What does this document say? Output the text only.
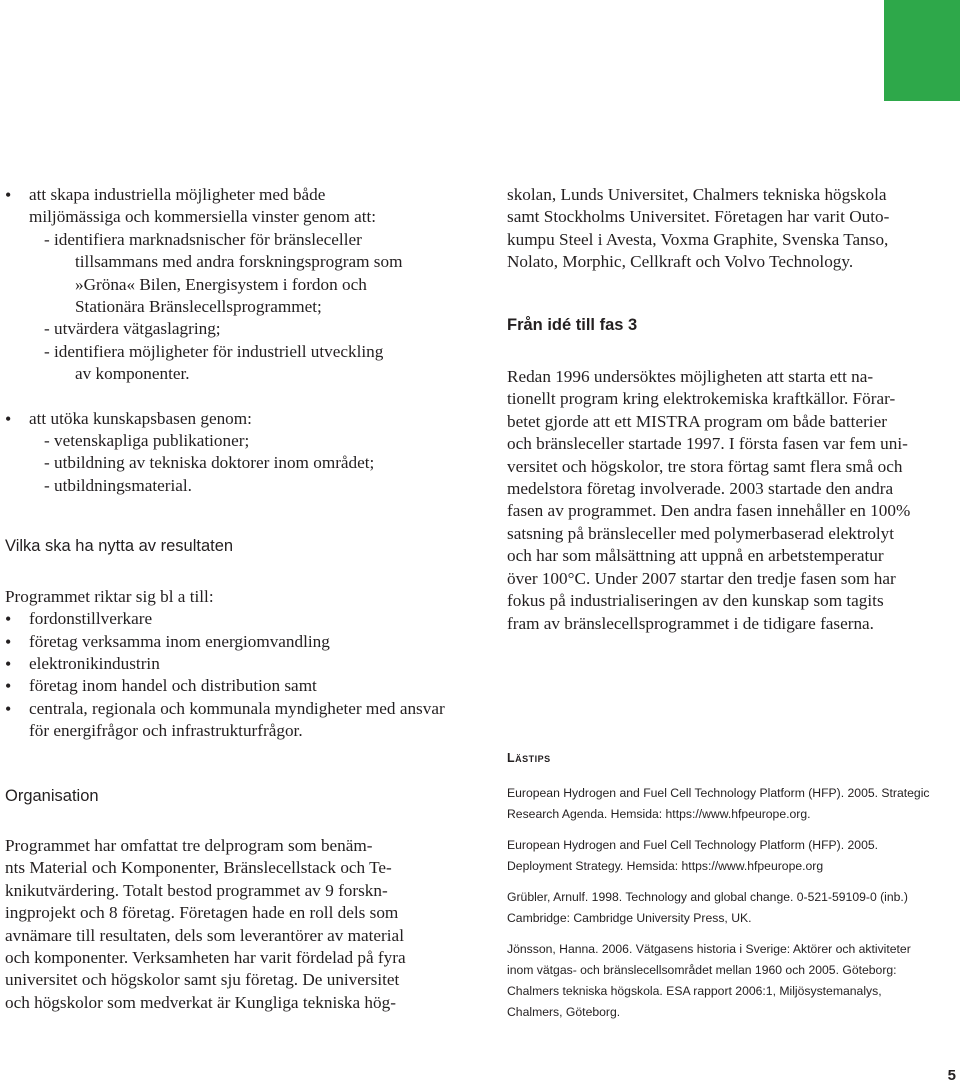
• att skapa industriella möjligheter med både

miljömässiga och kommersiella vinster genom att:

- identifiera marknadsnischer för bränsleceller

tillsammans med andra forskningsprogram som

»Gröna« Bilen, Energisystem i fordon och

Stationära Bränslecellsprogrammet;

- utvärdera vätgaslagring;

- identifiera möjligheter för industriell utveckling

av komponenter.

• att utöka kunskapsbasen genom:

- vetenskapliga publikationer;

- utbildning av tekniska doktorer inom området;

- utbildningsmaterial.

Vilka ska ha nytta av resultaten

Programmet riktar sig bl a till:

• fordonstillverkare
• företag verksamma inom energiomvandling
• elektronikindustrin
• företag inom handel och distribution samt
• centrala, regionala och kommunala myndigheter med ansvar för energifrågor och infrastrukturfrågor.

Organisation

Programmet har omfattat tre delprogram som benäm-

nts Material och Komponenter, Bränslecellstack och Te-

knikutvärdering. Totalt bestod programmet av 9 forskn-

ingprojekt och 8 företag. Företagen hade en roll dels som

avnämare till resultaten, dels som leverantörer av material

och komponenter. Verksamheten har varit fördelad på fyra

universitet och högskolor samt sju företag. De universitet

och högskolor som medverkat är Kungliga tekniska hög-

skolan, Lunds Universitet, Chalmers tekniska högskola

samt Stockholms Universitet. Företagen har varit Outo-

kumpu Steel i Avesta, Voxma Graphite, Svenska Tanso,

Nolato, Morphic, Cellkraft och Volvo Technology.

Från idé till fas 3

Redan 1996 undersöktes möjligheten att starta ett na-

tionellt program kring elektrokemiska kraftkällor. Förar-

betet gjorde att ett MISTRA program om både batterier

och bränsleceller startade 1997. I första fasen var fem uni-

versitet och högskolor, tre stora förtag samt flera små och

medelstora företag involverade. 2003 startade den andra

fasen av programmet. Den andra fasen innehåller en 100%

satsning på bränsleceller med polymerbaserad elektrolyt

och har som målsättning att uppnå en arbetstemperatur

över 100°C. Under 2007 startar den tredje fasen som har

fokus på industrialiseringen av den kunskap som tagits

fram av bränslecellsprogrammet i de tidigare faserna.

Lästips

European Hydrogen and Fuel Cell Technology Platform (HFP). 2005. Strategic

Research Agenda. Hemsida: https://www.hfpeurope.org.

European Hydrogen and Fuel Cell Technology Platform (HFP). 2005.

Deployment Strategy. Hemsida: https://www.hfpeurope.org

Grübler, Arnulf. 1998. Technology and global change. 0-521-59109-0 (inb.)

Cambridge: Cambridge University Press, UK.

Jönsson, Hanna. 2006. Vätgasens historia i Sverige: Aktörer och aktiviteter

inom vätgas- och bränslecellsområdet mellan 1960 och 2005. Göteborg:

Chalmers tekniska högskola. ESA rapport 2006:1, Miljösystemanalys,

Chalmers, Göteborg.

5
